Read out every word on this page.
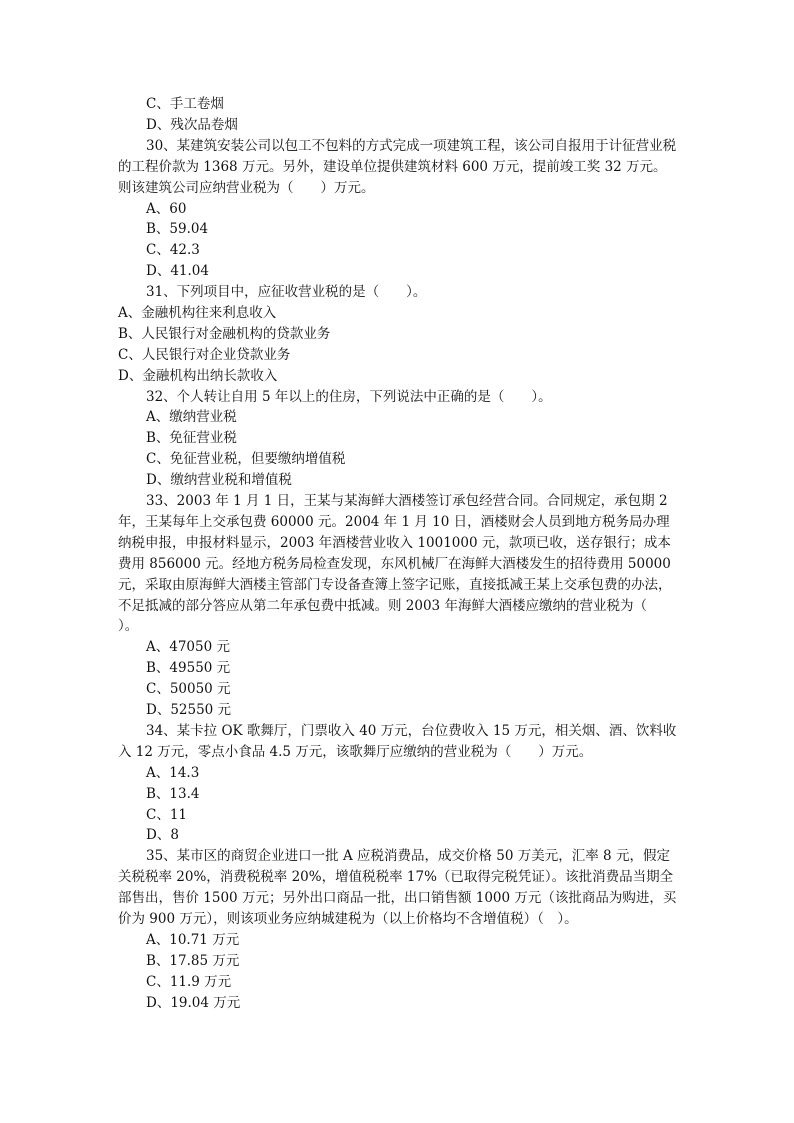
C、手工卷烟
D、残次品卷烟
30、某建筑安装公司以包工不包料的方式完成一项建筑工程，该公司自报用于计征营业税的工程价款为 1368 万元。另外，建设单位提供建筑材料 600 万元，提前竣工奖 32 万元。则该建筑公司应纳营业税为（　　）万元。
A、60
B、59.04
C、42.3
D、41.04
31、下列项目中，应征收营业税的是（　　）。
A、金融机构往来利息收入
B、人民银行对金融机构的贷款业务
C、人民银行对企业贷款业务
D、金融机构出纳长款收入
32、个人转让自用 5 年以上的住房，下列说法中正确的是（　　）。
A、缴纳营业税
B、免征营业税
C、免征营业税，但要缴纳增值税
D、缴纳营业税和增值税
33、2003 年 1 月 1 日，王某与某海鲜大酒楼签订承包经营合同。合同规定，承包期 2 年，王某每年上交承包费 60000 元。2004 年 1 月 10 日，酒楼财会人员到地方税务局办理纳税申报，申报材料显示，2003 年酒楼营业收入 1001000 元，款项已收，送存银行；成本费用 856000 元。经地方税务局检查发现，东风机械厂在海鲜大酒楼发生的招待费用 50000 元，采取由原海鲜大酒楼主管部门专设备查簿上签字记账，直接抵减王某上交承包费的办法，不足抵减的部分答应从第二年承包费中抵减。则 2003 年海鲜大酒楼应缴纳的营业税为（　　）。
A、47050 元
B、49550 元
C、50050 元
D、52550 元
34、某卡拉 OK 歌舞厅，门票收入 40 万元，台位费收入 15 万元，相关烟、酒、饮料收入 12 万元，零点小食品 4.5 万元，该歌舞厅应缴纳的营业税为（　　）万元。
A、14.3
B、13.4
C、11
D、8
35、某市区的商贸企业进口一批 A 应税消费品，成交价格 50 万美元，汇率 8 元，假定关税税率 20%，消费税税率 20%，增值税税率 17%（已取得完税凭证）。该批消费品当期全部售出，售价 1500 万元；另外出口商品一批，出口销售额 1000 万元（该批商品为购进，买价为 900 万元），则该项业务应纳城建税为（以上价格均不含增值税）（　）。
A、10.71 万元
B、17.85 万元
C、11.9 万元
D、19.04 万元
